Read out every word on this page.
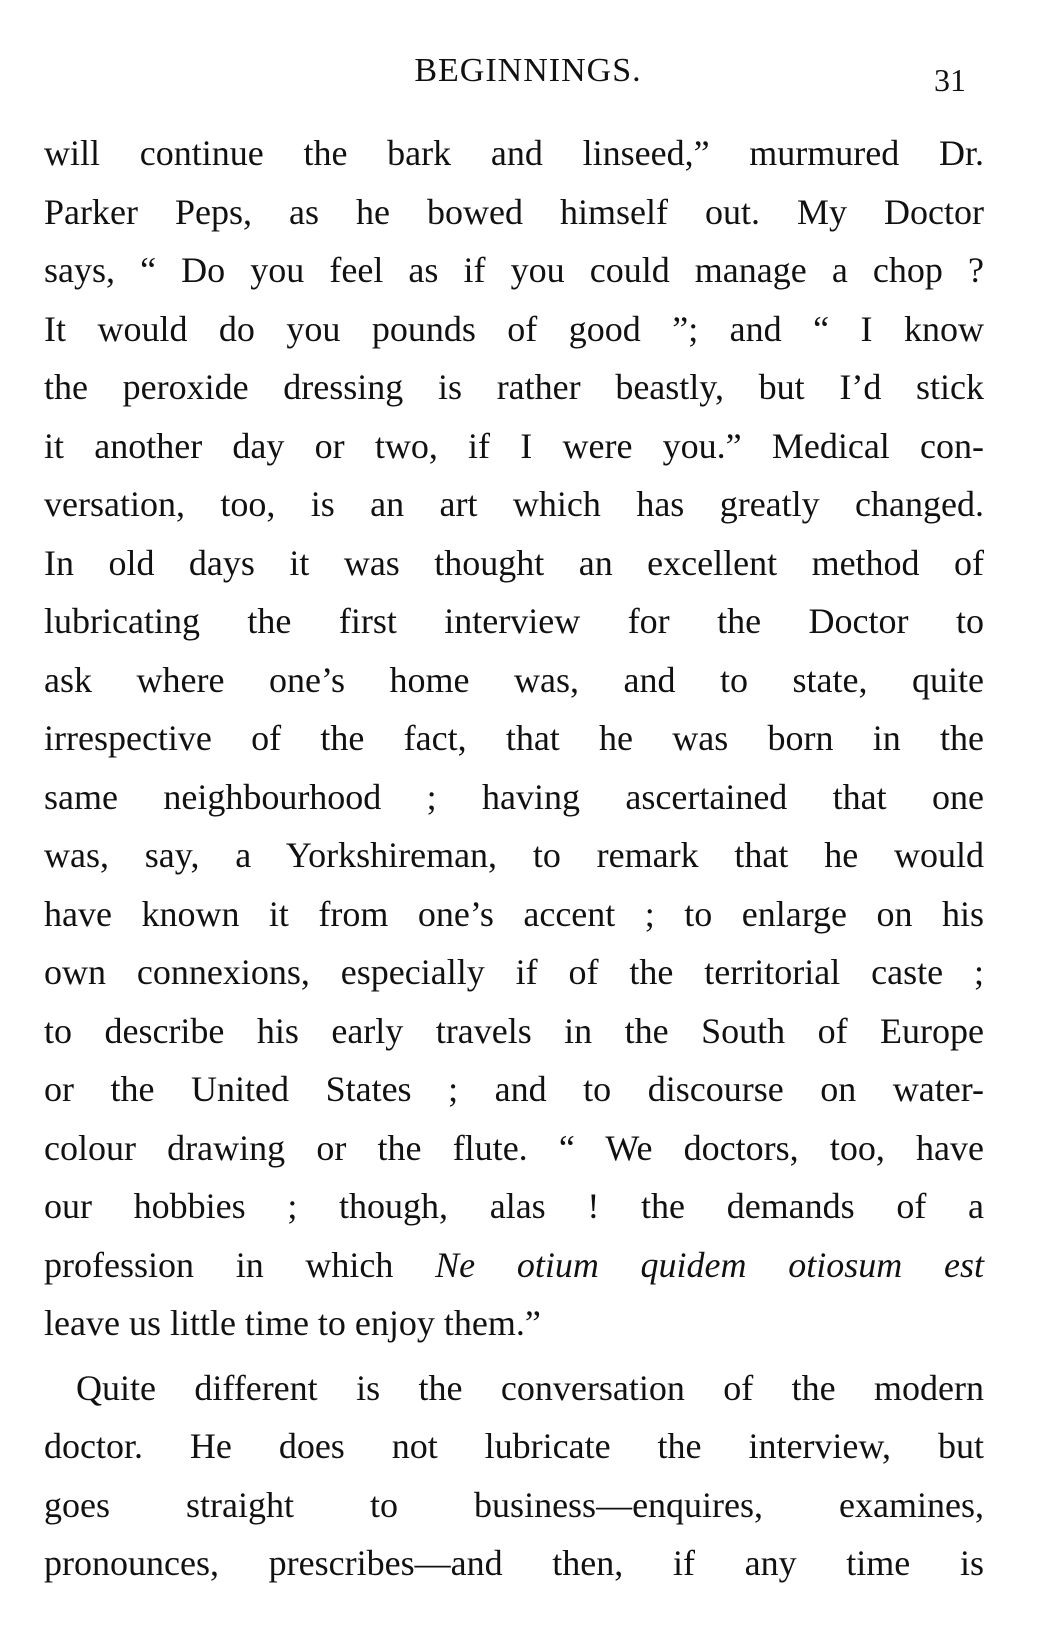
BEGINNINGS.	31
will continue the bark and linseed,” murmured Dr.
Parker Peps, as he bowed himself out. My Doctor
says, “ Do you feel as if you could manage a chop ?
It would do you pounds of good ”; and “ I know
the peroxide dressing is rather beastly, but I’d stick
it another day or two, if I were you.” Medical con-
versation, too, is an art which has greatly changed.
In old days it was thought an excellent method of
lubricating the first interview for the Doctor to
ask where one’s home was, and to state, quite
irrespective of the fact, that he was born in the
same neighbourhood ; having ascertained that one
was, say, a Yorkshireman, to remark that he would
have known it from one’s accent ; to enlarge on his
own connexions, especially if of the territorial caste ;
to describe his early travels in the South of Europe
or the United States ; and to discourse on water-
colour drawing or the flute. “ We doctors, too, have
our hobbies ; though, alas ! the demands of a
profession in which Ne otium quidem otiosum est
leave us little time to enjoy them.”
Quite different is the conversation of the modern
doctor. He does not lubricate the interview, but
goes straight to business—enquires, examines,
pronounces, prescribes—and then, if any time is
